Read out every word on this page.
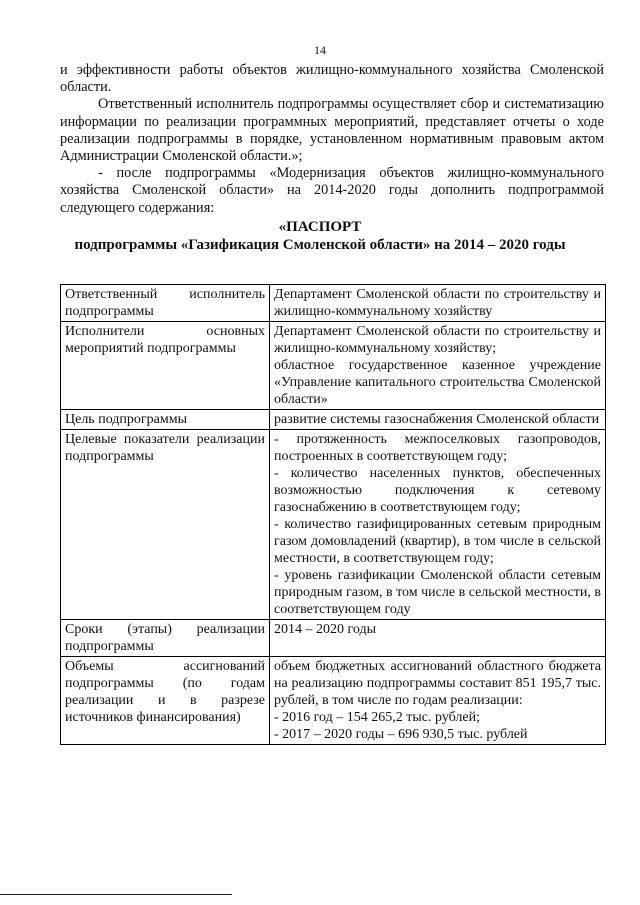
14

и эффективности работы объектов жилищно-коммунального хозяйства Смоленской области.

Ответственный исполнитель подпрограммы осуществляет сбор и систематизацию информации по реализации программных мероприятий, представляет отчеты о ходе реализации подпрограммы в порядке, установленном нормативным правовым актом Администрации Смоленской области.»;

- после подпрограммы «Модернизация объектов жилищно-коммунального хозяйства Смоленской области» на 2014-2020 годы дополнить подпрограммой следующего содержания:

«ПАСПОРТ
подпрограммы «Газификация Смоленской области» на 2014 – 2020 годы
Ответственный исполнитель подпрограммы	Департамент Смоленской области по строительству и жилищно-коммунальному хозяйству

Исполнители основных мероприятий подпрограммы	Департамент Смоленской области по строительству и жилищно-коммунальному хозяйству;
областное государственное казенное учреждение «Управление капитального строительства Смоленской области»

Цель подпрограммы	развитие системы газоснабжения Смоленской области

Целевые показатели реализации подпрограммы	- протяженность межпоселковых газопроводов, построенных в соответствующем году;
- количество населенных пунктов, обеспеченных возможностью подключения к сетевому газоснабжению в соответствующем году;
- количество газифицированных сетевым природным газом домовладений (квартир), в том числе в сельской местности, в соответствующем году;
- уровень газификации Смоленской области сетевым природным газом, в том числе в сельской местности, в соответствующем году

Сроки (этапы) реализации подпрограммы	2014 – 2020 годы

Объемы ассигнований подпрограммы (по годам реализации и в разрезе источников финансирования)	объем бюджетных ассигнований областного бюджета на реализацию подпрограммы составит 851 195,7 тыс. рублей, в том числе по годам реализации:
- 2016 год – 154 265,2 тыс. рублей;
- 2017 – 2020 годы – 696 930,5 тыс. рублей
